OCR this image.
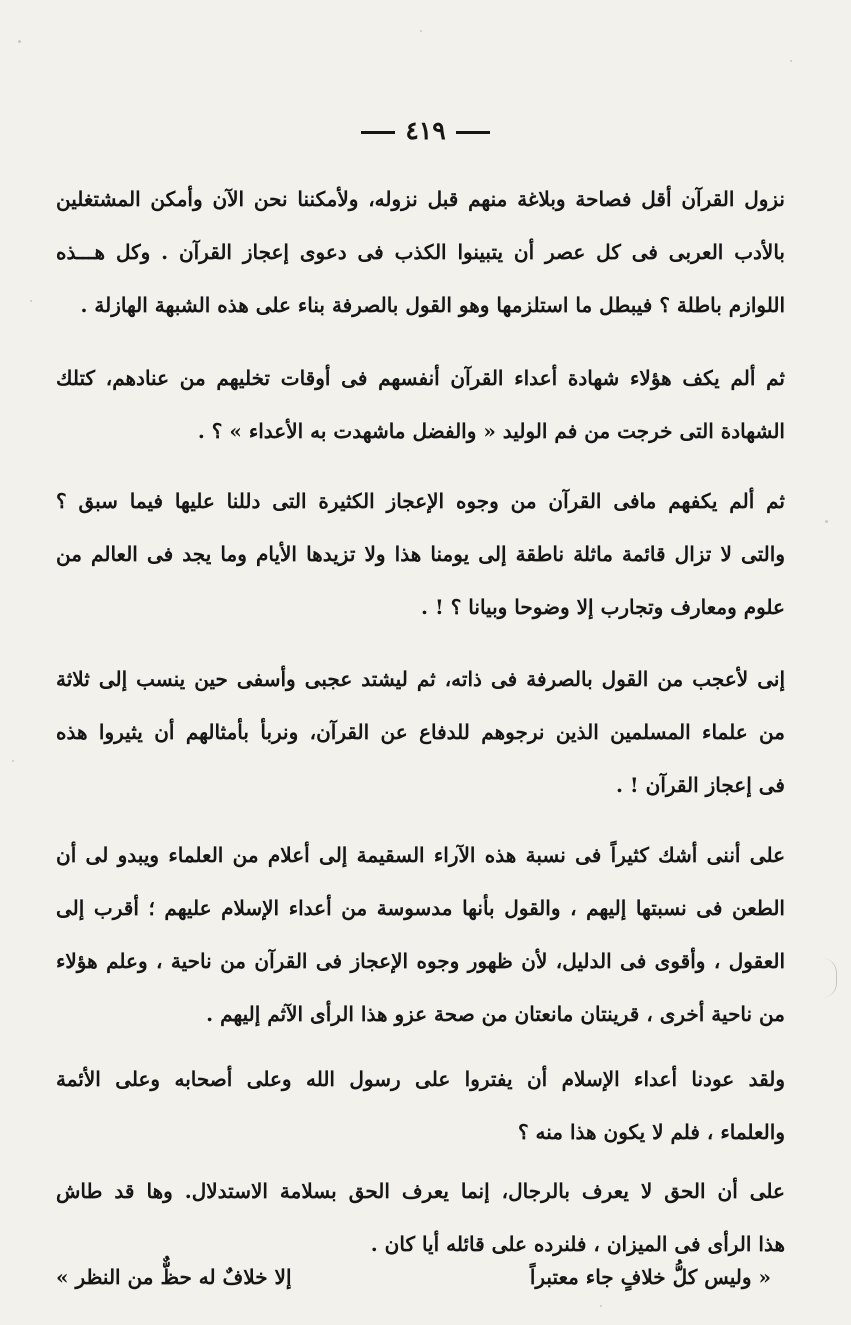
٤١٩
نزول القرآن أقل فصاحة وبلاغة منهم قبل نزوله، ولأمكننا نحن الآن وأمكن المشتغلين
بالأدب العربى فى كل عصر أن يتبينوا الكذب فى دعوى إعجاز القرآن . وكل هـــذه
اللوازم باطلة ؟ فيبطل ما استلزمها وهو القول بالصرفة بناء على هذه الشبهة الهازلة .
ثم ألم يكف هؤلاء شهادة أعداء القرآن أنفسهم فى أوقات تخليهم من عنادهم، كتلك
الشهادة التى خرجت من فم الوليد « والفضل ماشهدت به الأعداء » ؟ .
ثم ألم يكفهم مافى القرآن من وجوه الإعجاز الكثيرة التى دللنا عليها فيما سبق ؟
والتى لا تزال قائمة ماثلة ناطقة إلى يومنا هذا ولا تزيدها الأيام وما يجد فى العالم من
علوم ومعارف وتجارب إلا وضوحا وبيانا ؟ ! .
إنى لأعجب من القول بالصرفة فى ذاته، ثم ليشتد عجبى وأسفى حين ينسب إلى ثلاثة
من علماء المسلمين الذين نرجوهم للدفاع عن القرآن، ونربأ بأمثالهم أن يثيروا هذه
فى إعجاز القرآن ! .
على أننى أشك كثيراً فى نسبة هذه الآراء السقيمة إلى أعلام من العلماء ويبدو لى أن
الطعن فى نسبتها إليهم ، والقول بأنها مدسوسة من أعداء الإسلام عليهم ؛ أقرب إلى
العقول ، وأقوى فى الدليل، لأن ظهور وجوه الإعجاز فى القرآن من ناحية ، وعلم هؤلاء
من ناحية أخرى ، قرينتان مانعتان من صحة عزو هذا الرأى الآثم إليهم .
ولقد عودنا أعداء الإسلام أن يفتروا على رسول الله وعلى أصحابه وعلى الأئمة
والعلماء ، فلم لا يكون هذا منه ؟
على أن الحق لا يعرف بالرجال، إنما يعرف الحق بسلامة الاستدلال. وها قد طاش
هذا الرأى فى الميزان ، فلنرده على قائله أيا كان .
« وليس كلُّ خلافٍ جاء معتبراً
إلا خلافٌ له حظٌّ من النظر »
